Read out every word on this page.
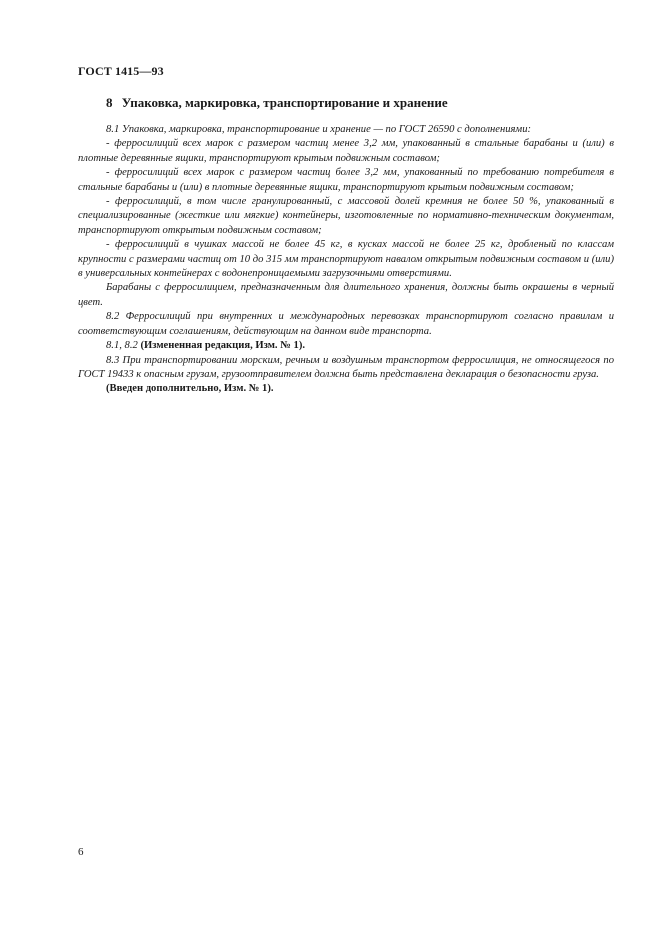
ГОСТ 1415—93
8 Упаковка, маркировка, транспортирование и хранение

8.1 Упаковка, маркировка, транспортирование и хранение — по ГОСТ 26590 с дополнениями:

- ферросилиций всех марок с размером частиц менее 3,2 мм, упакованный в стальные барабаны и (или) в плотные деревянные ящики, транспортируют крытым подвижным составом;

- ферросилиций всех марок с размером частиц более 3,2 мм, упакованный по требованию потребителя в стальные барабаны и (или) в плотные деревянные ящики, транспортируют крытым подвижным составом;

- ферросилиций, в том числе гранулированный, с массовой долей кремния не более 50 %, упакованный в специализированные (жесткие или мягкие) контейнеры, изготовленные по нормативно-техническим документам, транспортируют открытым подвижным составом;

- ферросилиций в чушках массой не более 45 кг, в кусках массой не более 25 кг, дробленый по классам крупности с размерами частиц от 10 до 315 мм транспортируют навалом открытым подвижным составом и (или) в универсальных контейнерах с водонепроницаемыми загрузочными отверстиями.

Барабаны с ферросилицием, предназначенным для длительного хранения, должны быть окрашены в черный цвет.

8.2 Ферросилиций при внутренних и международных перевозках транспортируют согласно правилам и соответствующим соглашениям, действующим на данном виде транспорта.

8.1, 8.2 (Измененная редакция, Изм. № 1).

8.3 При транспортировании морским, речным и воздушным транспортом ферросилиция, не относящегося по ГОСТ 19433 к опасным грузам, грузоотправителем должна быть представлена декларация о безопасности груза.

(Введен дополнительно, Изм. № 1).

6
